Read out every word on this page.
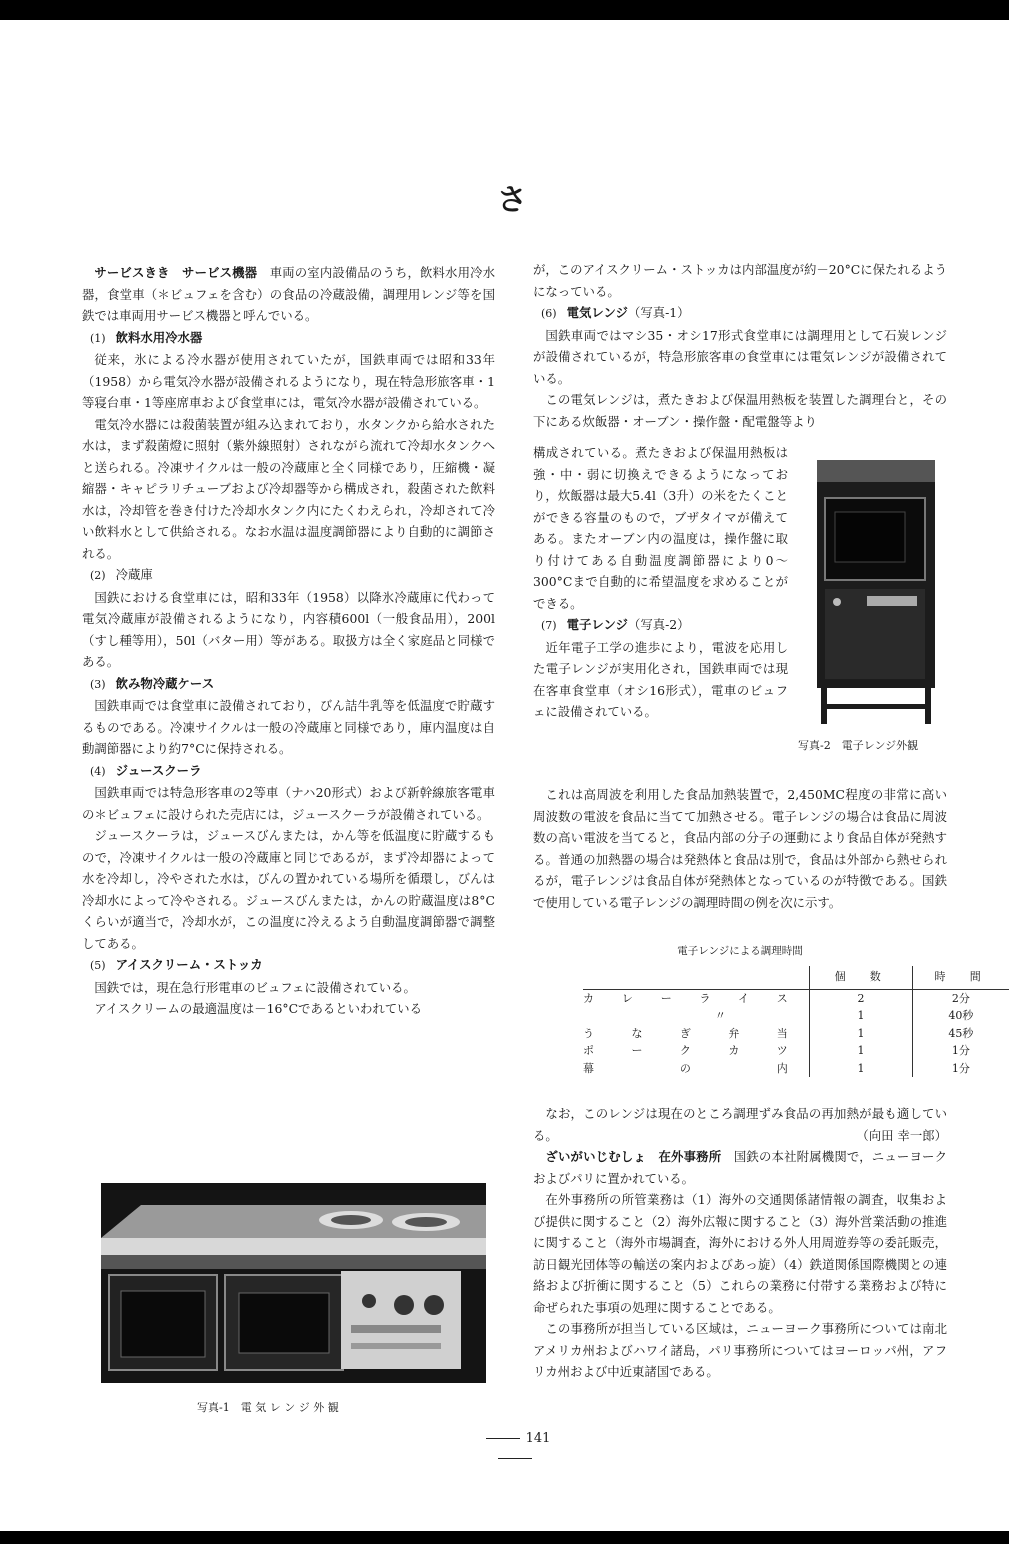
さ

サービスきき　サービス機器　 車両の室内設備品のうち，飲料水用冷水器，食堂車（＊ビュフェを含む）の食品の冷蔵設備，調理用レンジ等を国鉄では車両用サービス機器と呼んでいる。

(1) 飲料水用冷水器

従来，氷による冷水器が使用されていたが，国鉄車両では昭和33年（1958）から電気冷水器が設備されるようになり，現在特急形旅客車・1等寝台車・1等座席車および食堂車には，電気冷水器が設備されている。

電気冷水器には殺菌装置が組み込まれており，水タンクから給水された水は，まず殺菌燈に照射（紫外線照射）されながら流れて冷却水タンクへと送られる。冷凍サイクルは一般の冷蔵庫と全く同様であり，圧縮機・凝縮器・キャピラリチューブおよび冷却器等から構成され，殺菌された飲料水は，冷却管を巻き付けた冷却水タンク内にたくわえられ，冷却されて冷い飲料水として供給される。なお水温は温度調節器により自動的に調節される。

(2) 冷蔵庫

国鉄における食堂車には，昭和33年（1958）以降氷冷蔵庫に代わって電気冷蔵庫が設備されるようになり，内容積600l（一般食品用），200l（すし種等用），50l（バター用）等がある。取扱方は全く家庭品と同様である。

(3) 飲み物冷蔵ケース

国鉄車両では食堂車に設備されており，びん詰牛乳等を低温度で貯蔵するものである。冷凍サイクルは一般の冷蔵庫と同様であり，庫内温度は自動調節器により約7°Cに保持される。

(4) ジュースクーラ

国鉄車両では特急形客車の2等車（ナハ20形式）および新幹線旅客電車の＊ビュフェに設けられた売店には，ジュースクーラが設備されている。

ジュースクーラは，ジュースびんまたは，かん等を低温度に貯蔵するもので，冷凍サイクルは一般の冷蔵庫と同じであるが，まず冷却器によって水を冷却し，冷やされた水は，びんの置かれている場所を循環し，びんは冷却水によって冷やされる。ジュースびんまたは，かんの貯蔵温度は8°Cくらいが適当で，冷却水が，この温度に冷えるよう自動温度調節器で調整してある。

(5) アイスクリーム・ストッカ

国鉄では，現在急行形電車のビュフェに設備されている。

アイスクリームの最適温度は－16°Cであるといわれている

写真-1　電 気 レ ン ジ 外 観

が，このアイスクリーム・ストッカは内部温度が約－20°Cに保たれるようになっている。

(6) 電気レンジ（写真-1）

国鉄車両ではマシ35・オシ17形式食堂車には調理用として石炭レンジが設備されているが，特急形旅客車の食堂車には電気レンジが設備されている。

この電気レンジは，煮たきおよび保温用熱板を装置した調理台と，その下にある炊飯器・オーブン・操作盤・配電盤等より

構成されている。煮たきおよび保温用熱板は強・中・弱に切換えできるようになっており，炊飯器は最大5.4l（3升）の米をたくことができる容量のもので，ブザタイマが備えてある。またオーブン内の温度は，操作盤に取り付けてある自動温度調節器により0～300°Cまで自動的に希望温度を求めることができる。

(7) 電子レンジ（写真-2）

近年電子工学の進歩により，電波を応用した電子レンジが実用化され，国鉄車両では現在客車食堂車（オシ16形式），電車のビュフェに設備されている。

これは高周波を利用した食品加熱装置で，2,450MC程度の非常に高い周波数の電波を食品に当てて加熱させる。電子レンジの場合は食品に周波数の高い電波を当てると，食品内部の分子の運動により食品自体が発熱する。普通の加熱器の場合は発熱体と食品は別で，食品は外部から熱せられるが，電子レンジは食品自体が発熱体となっているのが特徴である。国鉄で使用している電子レンジの調理時間の例を次に示す。

電子レンジによる調理時間
	個　数	時　間
カレーライス	2	2分
〃	1	40秒
うなぎ弁当	1	45秒
ポークカツ	1	1分
幕の内	1	1分

なお，このレンジは現在のところ調理ずみ食品の再加熱が最も適している。	（向田 幸一郎）

ざいがいじむしょ　在外事務所　 国鉄の本社附属機関で，ニューヨークおよびパリに置かれている。

在外事務所の所管業務は（1）海外の交通関係諸情報の調査，収集および提供に関すること（2）海外広報に関すること（3）海外営業活動の推進に関すること（海外市場調査，海外における外人用周遊券等の委託販売，訪日観光団体等の輸送の案内およびあっ旋）（4）鉄道関係国際機関との連絡および折衝に関すること（5）これらの業務に付帯する業務および特に命ぜられた事項の処理に関することである。

この事務所が担当している区域は，ニューヨーク事務所については南北アメリカ州およびハワイ諸島，パリ事務所についてはヨーロッパ州，アフリカ州および中近東諸国である。

写真-2　電子レンジ外観
141
